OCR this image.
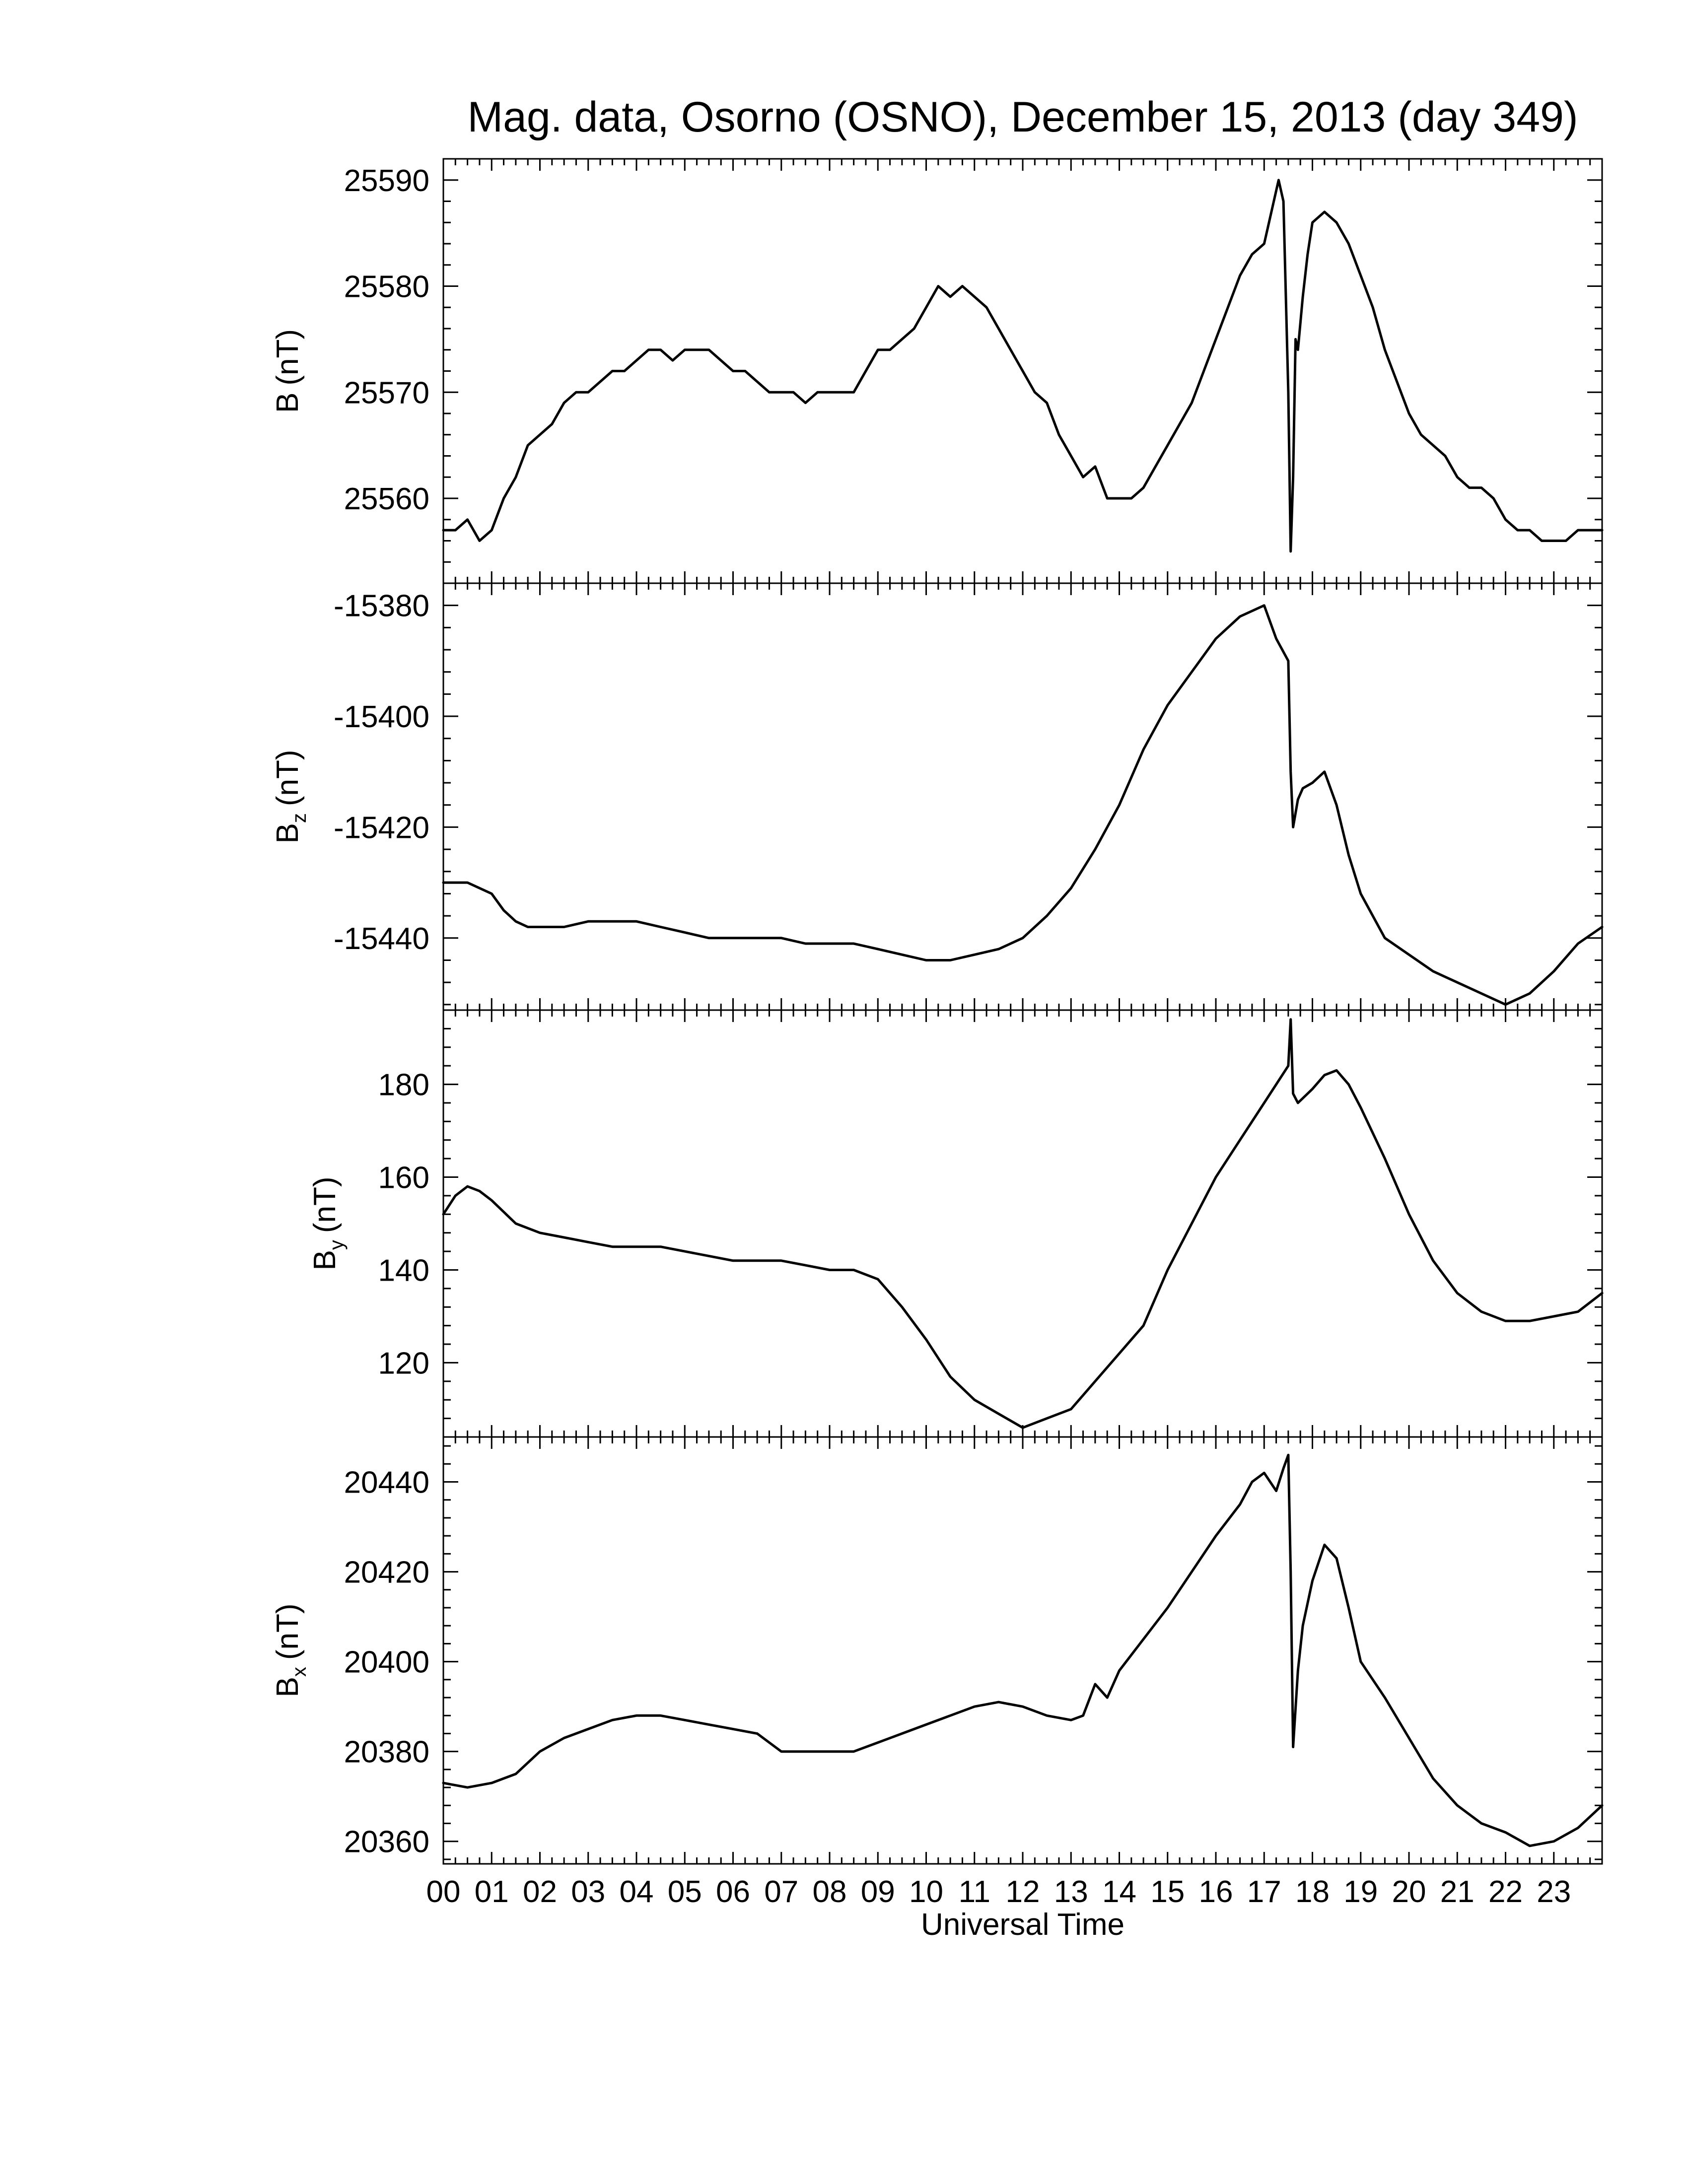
Mag. data, Osorno (OSNO), December 15, 2013 (day 349)
Universal Time
25560
25570
25580
25590
B(nT)
-15440
-15420
-15400
-15380
$B_z(nT)$
120
140
160
180
$B_y(nT)$
20360
20380
20400
20420
20440
$B_x(nT)$
00 01 02 03 04 05 06 07 08 09 10 11 12 13 14 15 16 17 18 19 20 21 22 23
